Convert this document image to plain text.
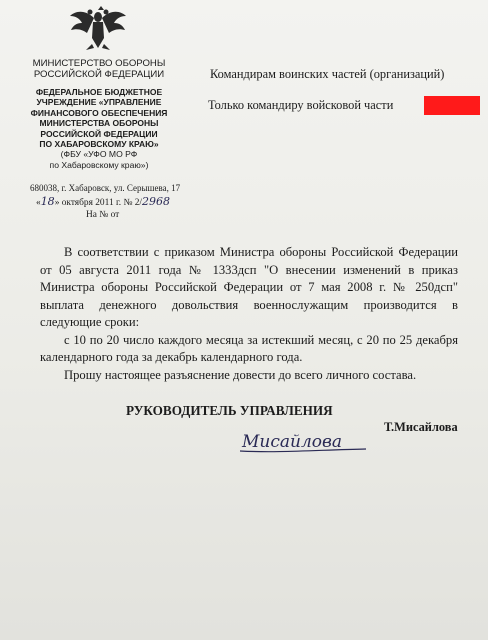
МИНИСТЕРСТВО ОБОРОНЫ
РОССИЙСКОЙ ФЕДЕРАЦИИ
ФЕДЕРАЛЬНОЕ БЮДЖЕТНОЕ
УЧРЕЖДЕНИЕ «УПРАВЛЕНИЕ
ФИНАНСОВОГО ОБЕСПЕЧЕНИЯ
МИНИСТЕРСТВА ОБОРОНЫ
РОССИЙСКОЙ ФЕДЕРАЦИИ
ПО ХАБАРОВСКОМУ КРАЮ»
(ФБУ «УФО МО РФ
по Хабаровскому краю»)
680038, г. Хабаровск, ул. Серышева, 17
«18» октября 2011 г. № 2/2968
На № от
Командирам воинских частей (организаций)
Только командиру войсковой части

В соответствии с приказом Министра обороны Российской Федерации от 05 августа 2011 года № 1333дсп "О внесении изменений в приказ Министра обороны Российской Федерации от 7 мая 2008 г. № 250дсп" выплата денежного довольствия военнослужащим производится в следующие сроки:

с 10 по 20 число каждого месяца за истекший месяц, с 20 по 25 декабря календарного года за декабрь календарного года.

Прошу настоящее разъяснение довести до всего личного состава.

РУКОВОДИТЕЛЬ УПРАВЛЕНИЯ
Мисайлова
Т.Мисайлова
